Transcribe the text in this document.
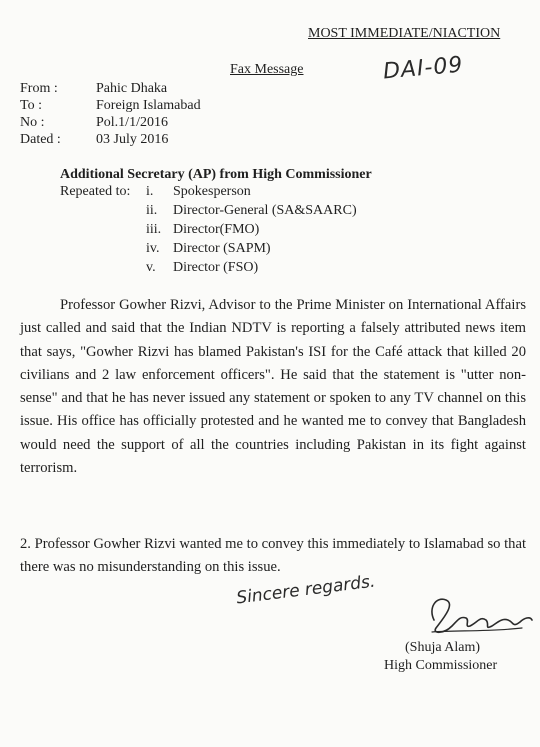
MOST IMMEDIATE/NIACTION
Fax Message	DAI-09
From :	Pahic Dhaka
To :	Foreign Islamabad
No :	Pol.1/1/2016
Dated :	03 July 2016
Additional Secretary (AP) from High Commissioner
Repeated to: i. Spokesperson
ii. Director-General (SA&SAARC)
iii. Director(FMO)
iv. Director (SAPM)
v. Director (FSO)
Professor Gowher Rizvi, Advisor to the Prime Minister on International Affairs just called and said that the Indian NDTV is reporting a falsely attributed news item that says, "Gowher Rizvi has blamed Pakistan's ISI for the Café attack that killed 20 civilians and 2 law enforcement officers". He said that the statement is "utter non-sense" and that he has never issued any statement or spoken to any TV channel on this issue. His office has officially protested and he wanted me to convey that Bangladesh would need the support of all the countries including Pakistan in its fight against terrorism.
2. Professor Gowher Rizvi wanted me to convey this immediately to Islamabad so that there was no misunderstanding on this issue.
Sincere regards.
(Shuja Alam)
High Commissioner
